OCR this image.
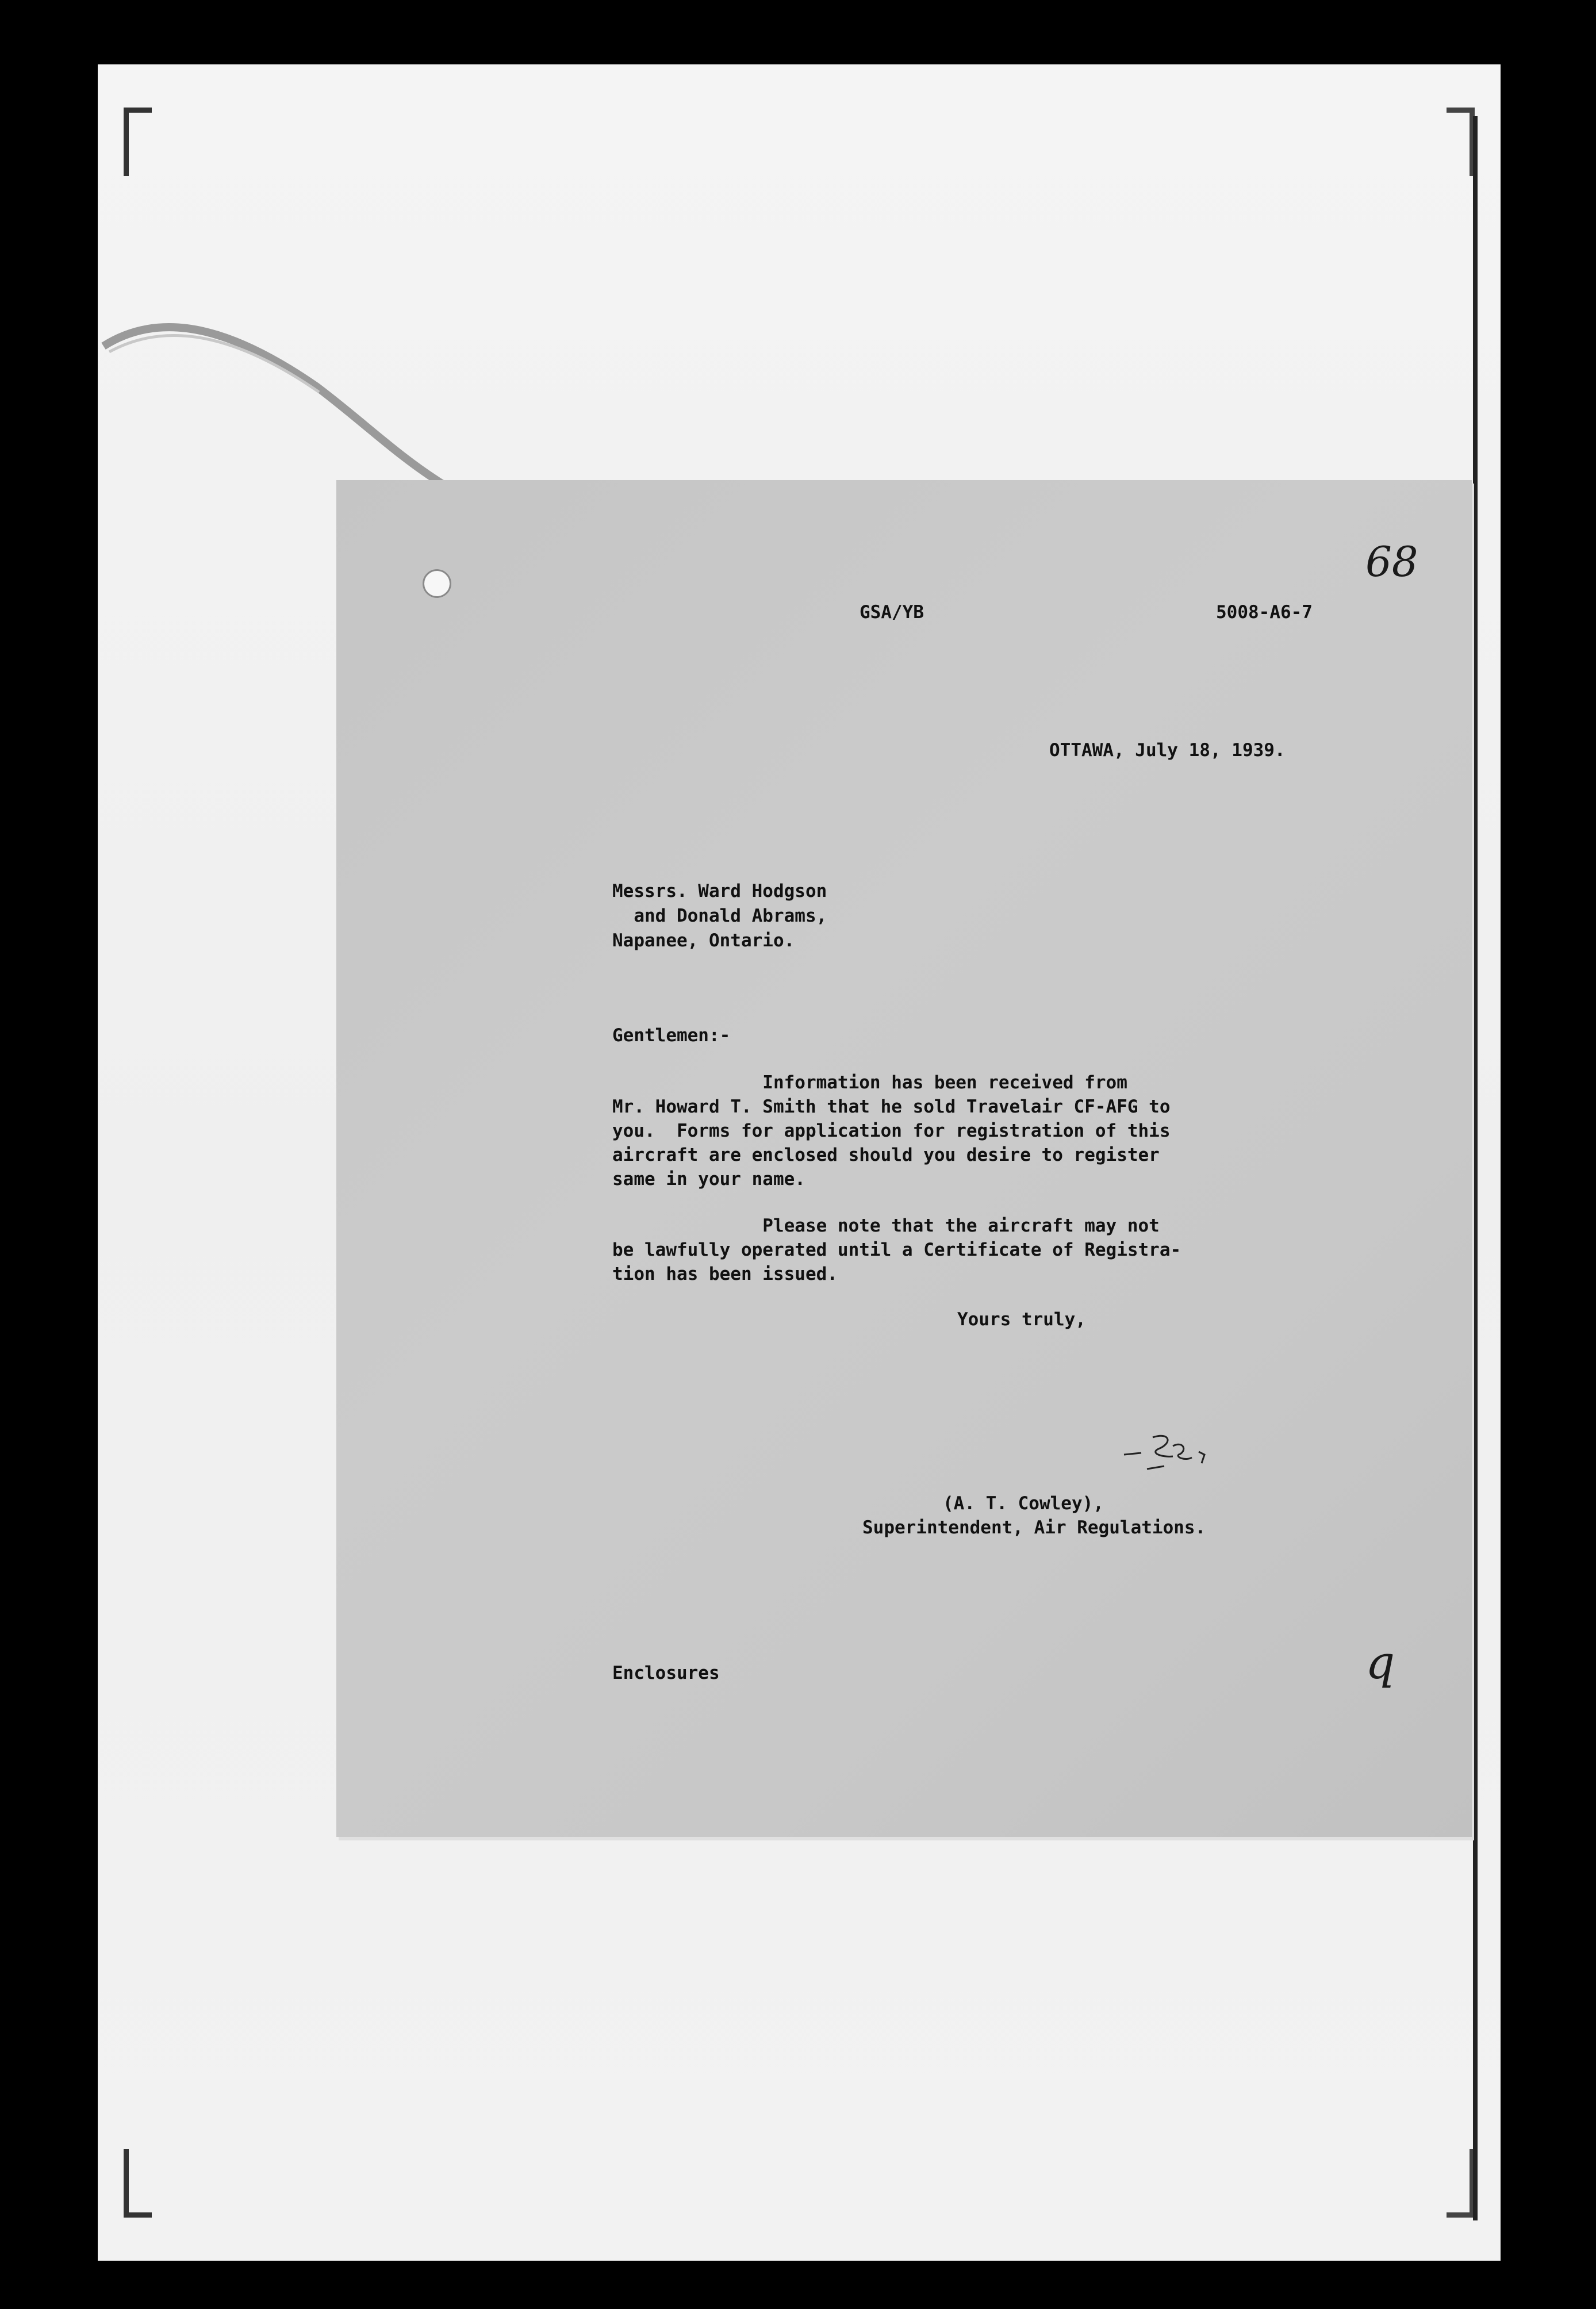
68

GSA/YB	5008-A6-7

OTTAWA, July 18, 1939.

Messrs. Ward Hodgson

and Donald Abrams,

Napanee, Ontario.

Gentlemen:-

Information has been received from

Mr. Howard T. Smith that he sold Travelair CF-AFG to

you.  Forms for application for registration of this

aircraft are enclosed should you desire to register

same in your name.

Please note that the aircraft may not

be lawfully operated until a Certificate of Registra-

tion has been issued.

Yours truly,

(A. T. Cowley),

Superintendent, Air Regulations.

Enclosures	q
